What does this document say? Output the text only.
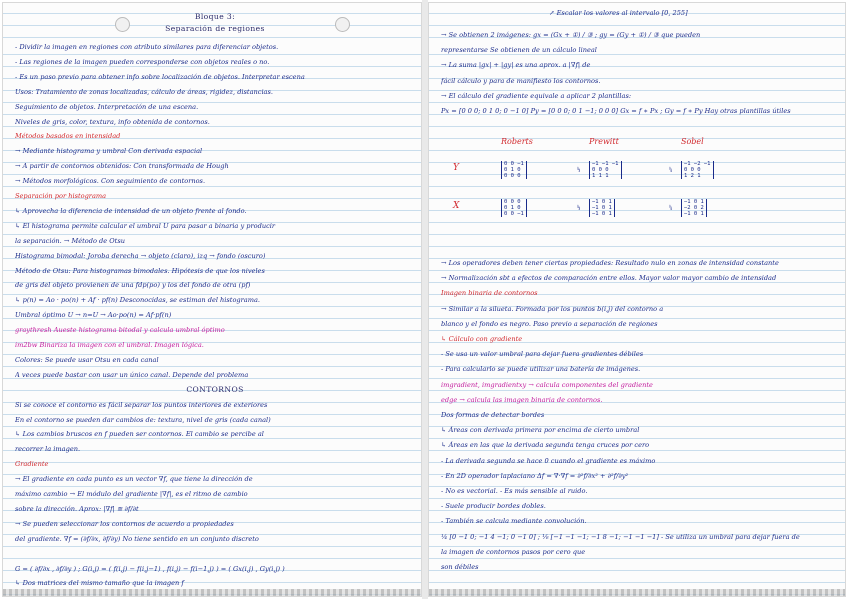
Bloque 3:
Separación de regiones
- Dividir la imagen en regiones con atributo similares para diferenciar objetos.
- Las regiones de la imagen pueden corresponderse con objetos reales o no.
- Es un paso previo para obtener info sobre localización de objetos. Interpretar escena
Usos: Tratamiento de zonas localizadas, cálculo de áreas, rigidez, distancias.
Seguimiento de objetos. Interpretación de una escena.
Niveles de gris, color, textura, info obtenida de contornos.
Métodos basados en intensidad
→ Mediante histograma y umbral Con derivada espacial
→ A partir de contornos obtenidos: Con transformada de Hough
→ Métodos morfológicos. Con seguimiento de contornos.
Separación por histograma
↳ Aprovecha la diferencia de intensidad de un objeto frente al fondo.
↳ El histograma permite calcular el umbral U para pasar a binaria y producir
la separación. → Método de Otsu
Histograma bimodal: Joroba derecha → objeto (claro), izq → fondo (oscuro)
Método de Otsu: Para histogramas bimodales. Hipótesis de que los niveles
de gris del objeto provienen de una fdp(po) y los del fondo de otra (pf)
↳ p(n) = Ao · po(n) + Af · pf(n) Desconocidas, se estiman del histograma.
Umbral óptimo U → n=U → Ao·po(n) = Af·pf(n)
graythresh Aueste histograma bitodal y calcula umbral óptimo
im2bw Binariza la imagen con el umbral. Imagen lógica.
Colores: Se puede usar Otsu en cada canal
A veces puede bastar con usar un único canal. Depende del problema
CONTORNOS
Si se conoce el contorno es fácil separar los puntos interiores de exteriores
En el contorno se pueden dar cambios de: textura, nivel de gris (cada canal)
↳ Los cambios bruscos en f pueden ser contornos. El cambio se percibe al
recorrer la imagen.
Gradiente
→ El gradiente en cada punto es un vector ∇f, que tiene la dirección de
máximo cambio → El módulo del gradiente |∇f|, es el ritmo de cambio
sobre la dirección. Aprox: |∇f| ≅ ∂f/∂t
→ Se pueden seleccionar los contornos de acuerdo a propiedades
del gradiente. ∇f = (∂f/∂x, ∂f/∂y) No tiene sentido en un conjunto discreto
G = ( ∂f/∂x , ∂f/∂y ) ; G(i,j) = ( f(i,j) − f(i,j−1) , f(i,j) − f(i−1,j) ) = ( Gx(i,j) , Gy(i,j) )
↳ Dos matrices del mismo tamaño que la imagen f
↗ Escalar los valores al intervalo [0, 255]
→ Se obtienen 2 imágenes: gx = (Gx + ①) / ③ ; gy = (Gy + ①) / ③ que pueden
representarse Se obtienen de un cálculo lineal
→ La suma |gx| + |gy| es una aprox. a |∇f| de
fácil cálculo y para de manifiesto los contornos.
→ El cálculo del gradiente equivale a aplicar 2 plantillas:
Px = [0 0 0; 0 1 0; 0 −1 0] Py = [0 0 0; 0 1 −1; 0 0 0] Gx = f ∗ Px ; Gy = f ∗ Py Hay otras plantillas útiles
→ Los operadores deben tener ciertas propiedades: Resultado nulo en zonas de intensidad constante
→ Normalización sbt a efectos de comparación entre ellos. Mayor valor mayor cambio de intensidad
Imagen binaria de contornos
→ Similar a la silueta. Formada por los puntos b(i,j) del contorno a
blanco y el fondo es negro. Paso previo a separación de regiones
↳ Cálculo con gradiente
- Se usa un valor umbral para dejar fuera gradientes débiles
- Para calcularlo se puede utilizar una batería de imágenes.
imgradient, imgradientxy → calcula componentes del gradiente
edge → calcula las imagen binaria de contornos.
Dos formas de detectar bordes
↳ Áreas con derivada primera por encima de cierto umbral
↳ Áreas en las que la derivada segunda tenga cruces por cero
- La derivada segunda se hace 0 cuando el gradiente es máximo
- En 2D operador laplaciano Δf = ∇·∇f = ∂²f/∂x² + ∂²f/∂y²
- No es vectorial. - Es más sensible al ruido.
- Suele producir bordes dobles.
- También se calcula mediante convolución.
¼ [0 −1 0; −1 4 −1; 0 −1 0] ; ⅛ [−1 −1 −1; −1 8 −1; −1 −1 −1] - Se utiliza un umbral para dejar fuera de
la imagen de contornos pasos por cero que
son débiles
Y
X
Roberts
0 0 −1
0 1 0
0 0 0
0 0 0
0 1 0
0 0 −1
Prewitt
⅓
−1 −1 −1
0 0 0
1 1 1
⅓
−1 0 1
−1 0 1
−1 0 1
Sobel
¼
−1 −2 −1
0 0 0
1 2 1
¼
−1 0 1
−2 0 2
−1 0 1
